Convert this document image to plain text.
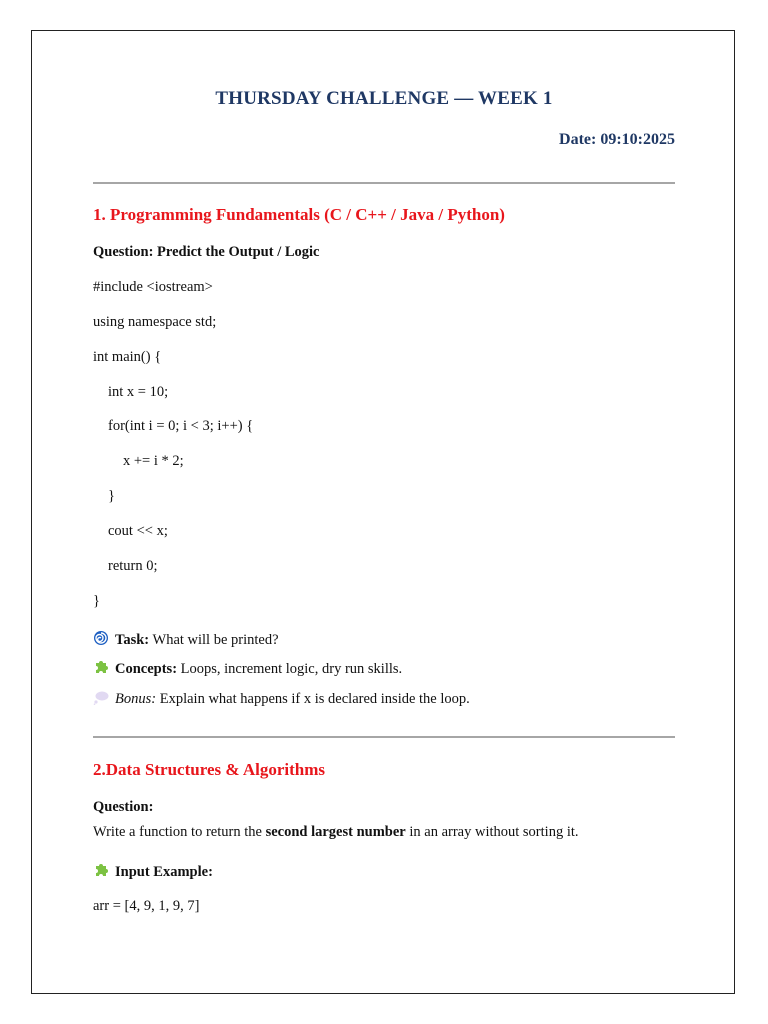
THURSDAY CHALLENGE — WEEK 1
Date: 09:10:2025
1. Programming Fundamentals (C / C++ / Java / Python)
Question: Predict the Output / Logic
#include <iostream>
using namespace std;
int main() {
int x = 10;
for(int i = 0; i < 3; i++) {
x += i * 2;
}
cout << x;
return 0;
}
Task: What will be printed?
Concepts: Loops, increment logic, dry run skills.
Bonus: Explain what happens if x is declared inside the loop.
2.Data Structures & Algorithms
Question:
Write a function to return the second largest number in an array without sorting it.
Input Example:
arr = [4, 9, 1, 9, 7]
